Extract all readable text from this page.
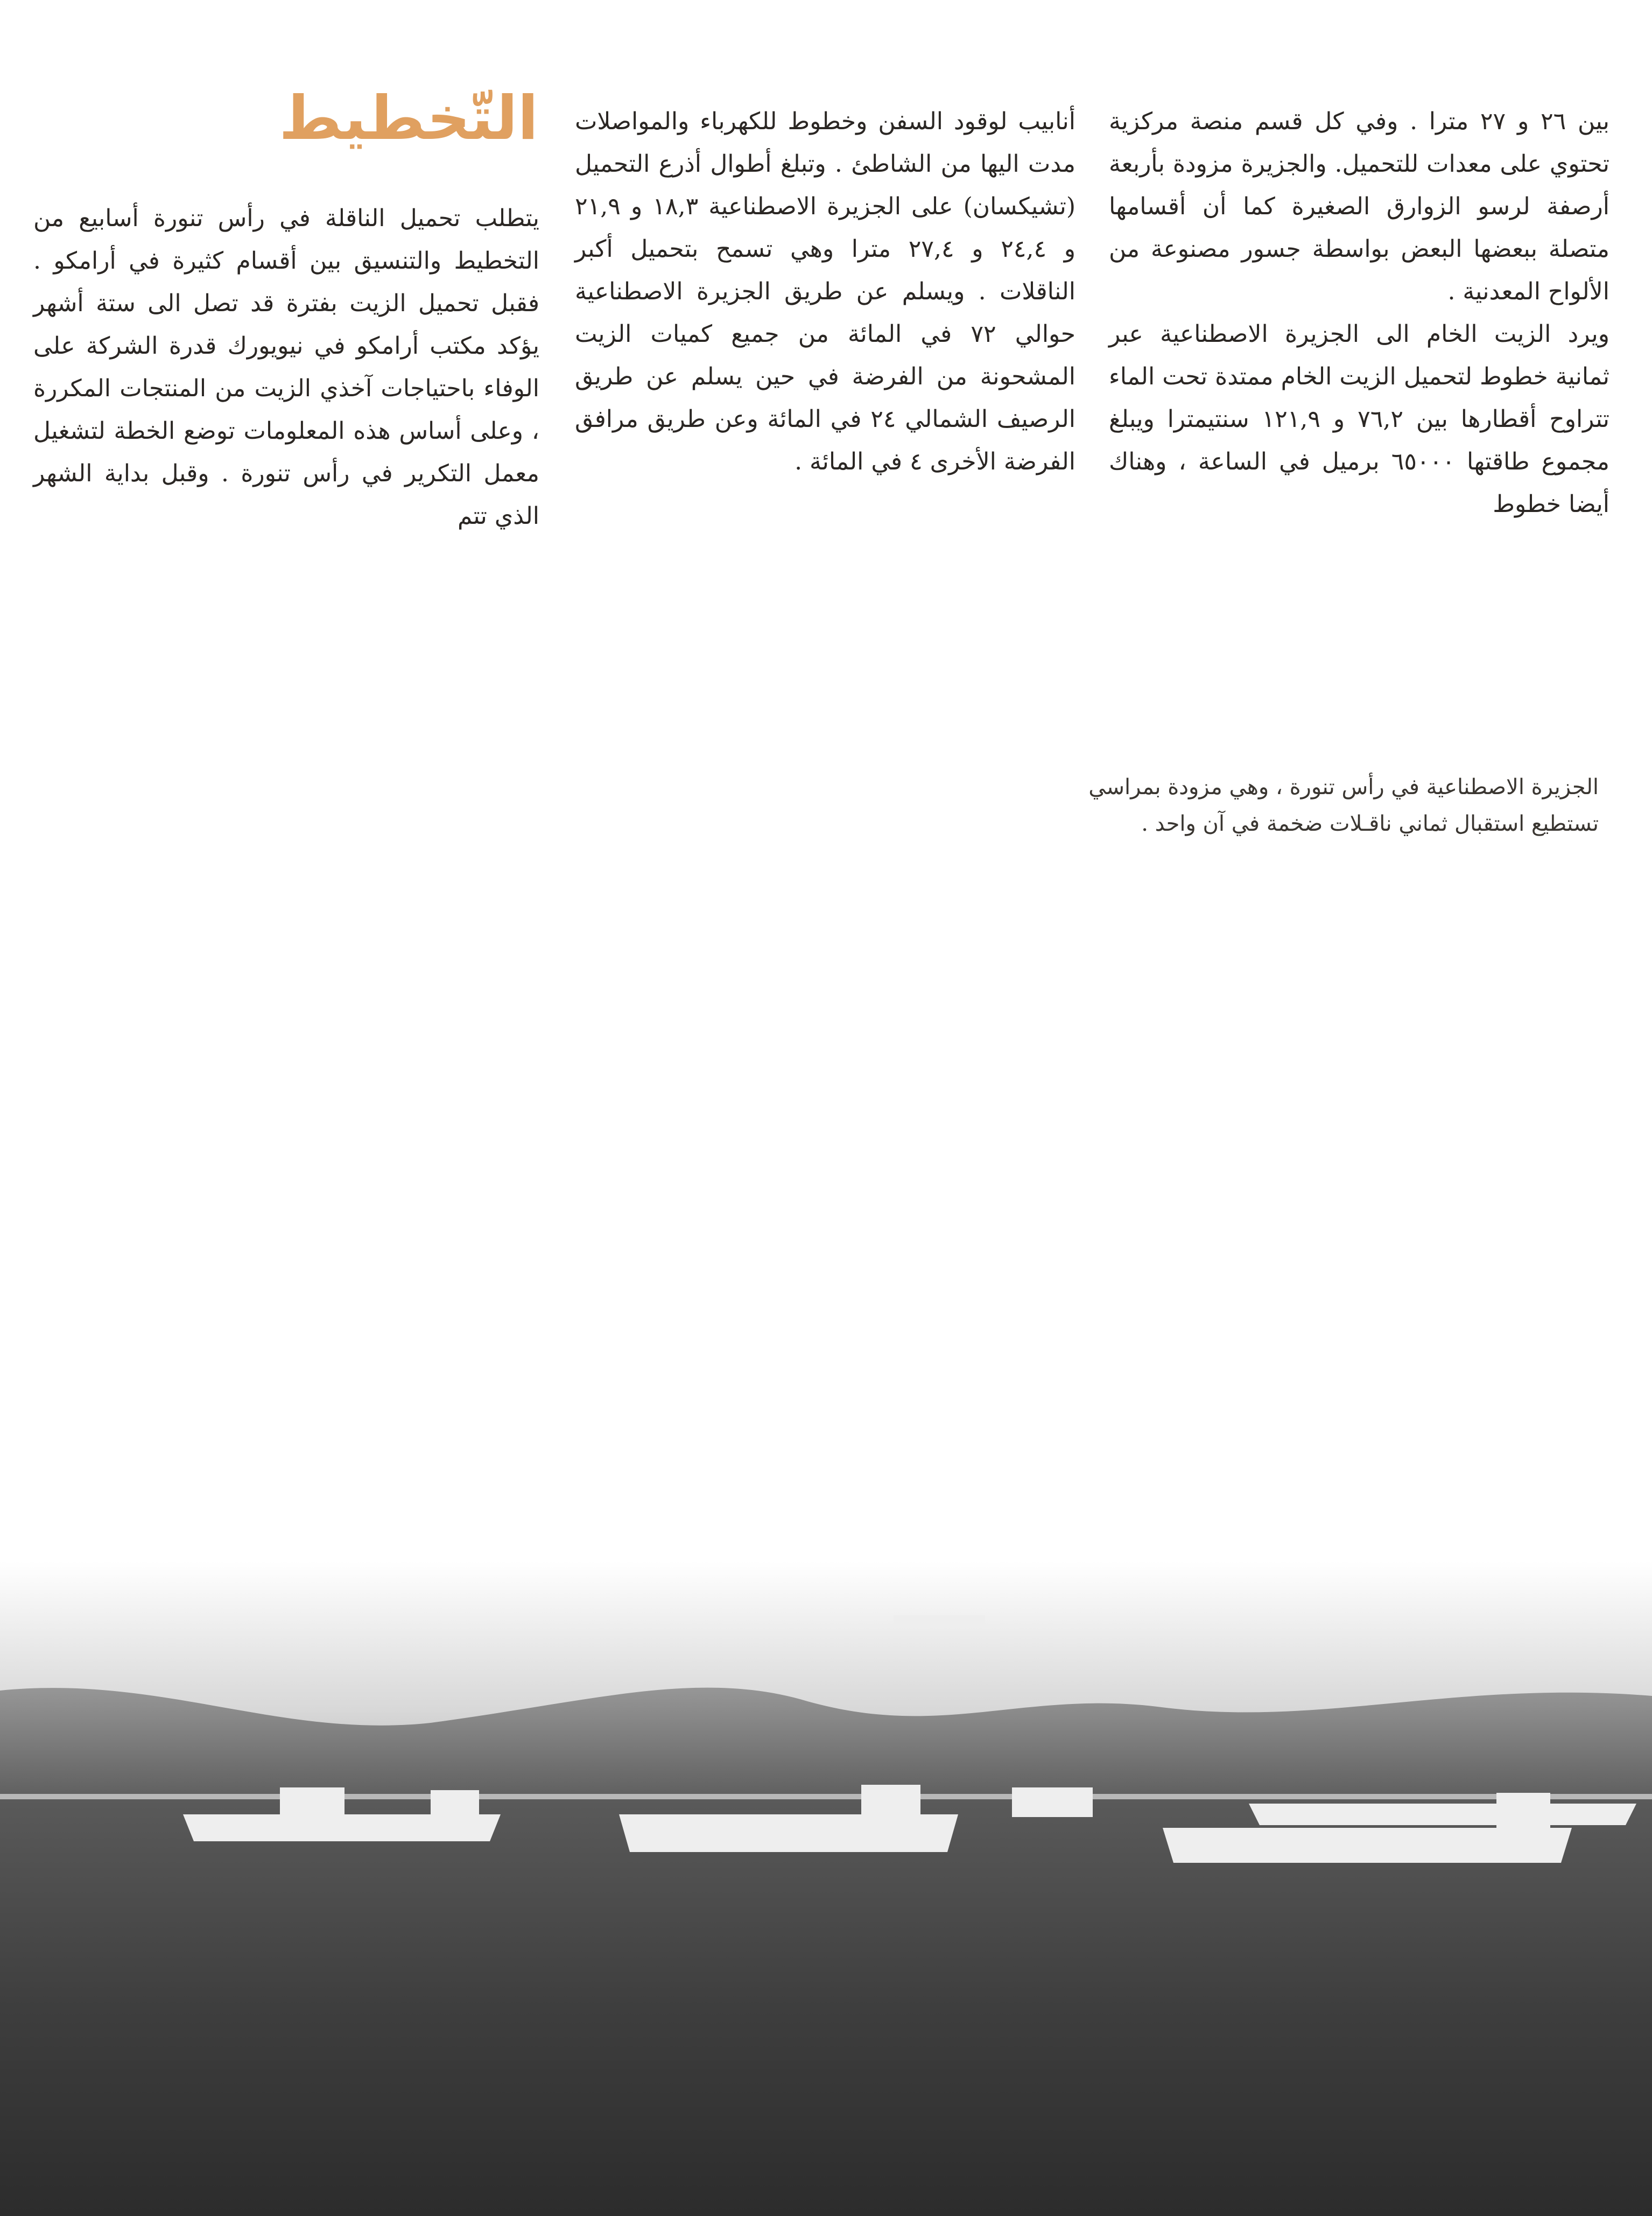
التّخطيط	بين ٢٦ و ٢٧ مترا . وفي كل قسم منصة مركزية تحتوي على معدات للتحميل. والجزيرة مزودة بأربعة أرصفة لرسو الزوارق الصغيرة كما أن أقسامها متصلة ببعضها البعض بواسطة جسور مصنوعة من الألواح المعدنية .
ويرد الزيت الخام الى الجزيرة الاصطناعية عبر ثمانية خطوط لتحميل الزيت الخام ممتدة تحت الماء تتراوح أقطارها بين ٧٦,٢ و ١٢١,٩ سنتيمترا ويبلغ مجموع طاقتها ٦٥٠٠٠ برميل في الساعة ، وهناك أيضا خطوط

أنابيب لوقود السفن وخطوط للكهرباء والمواصلات مدت اليها من الشاطئ . وتبلغ أطوال أذرع التحميل (تشيكسان) على الجزيرة الاصطناعية ١٨,٣ و ٢١,٩ و ٢٤,٤ و ٢٧,٤ مترا وهي تسمح بتحميل أكبر الناقلات . ويسلم عن طريق الجزيرة الاصطناعية حوالي ٧٢ في المائة من جميع كميات الزيت المشحونة من الفرضة في حين يسلم عن طريق الرصيف الشمالي ٢٤ في المائة وعن طريق مرافق الفرضة الأخرى ٤ في المائة .

يتطلب تحميل الناقلة في رأس تنورة أسابيع من التخطيط والتنسيق بين أقسام كثيرة في أرامكو . فقبل تحميل الزيت بفترة قد تصل الى ستة أشهر يؤكد مكتب أرامكو في نيويورك قدرة الشركة على الوفاء باحتياجات آخذي الزيت من المنتجات المكررة ، وعلى أساس هذه المعلومات توضع الخطة لتشغيل معمل التكرير في رأس تنورة . وقبل بداية الشهر الذي تتم

الجزيرة الاصطناعية في رأس تنورة ، وهي مزودة بمراسي
تستطيع استقبال ثماني ناقـلات ضخمة في آن واحد .
